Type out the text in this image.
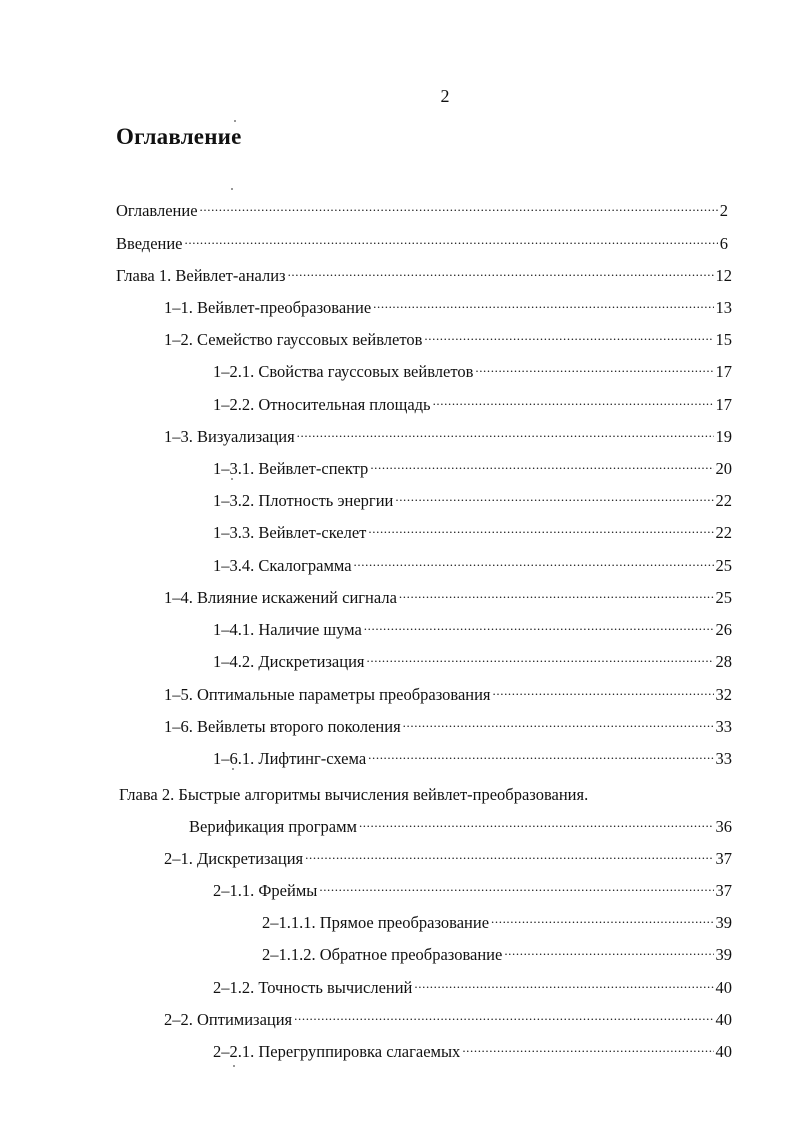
2
Оглавление
Оглавление .....	2
Введение .....	6
Глава 1. Вейвлет-анализ .....	12
1–1. Вейвлет-преобразование .....	13
1–2. Семейство гауссовых вейвлетов .....	15
1–2.1. Свойства гауссовых вейвлетов .....	17
1–2.2. Относительная площадь .....	17
1–3. Визуализация .....	19
1–3.1. Вейвлет-спектр .....	20
1–3.2. Плотность энергии .....	22
1–3.3. Вейвлет-скелет .....	22
1–3.4. Скалограмма .....	25
1–4. Влияние искажений сигнала .....	25
1–4.1. Наличие шума .....	26
1–4.2. Дискретизация .....	28
1–5. Оптимальные параметры преобразования .....	32
1–6. Вейвлеты второго поколения .....	33
1–6.1. Лифтинг-схема .....	33
Глава 2. Быстрые алгоритмы вычисления вейвлет-преобразования.
Верификация программ .....	36
2–1. Дискретизация .....	37
2–1.1. Фреймы .....	37
2–1.1.1. Прямое преобразование .....	39
2–1.1.2. Обратное преобразование .....	39
2–1.2. Точность вычислений .....	40
2–2. Оптимизация .....	40
2–2.1. Перегруппировка слагаемых .....	40
